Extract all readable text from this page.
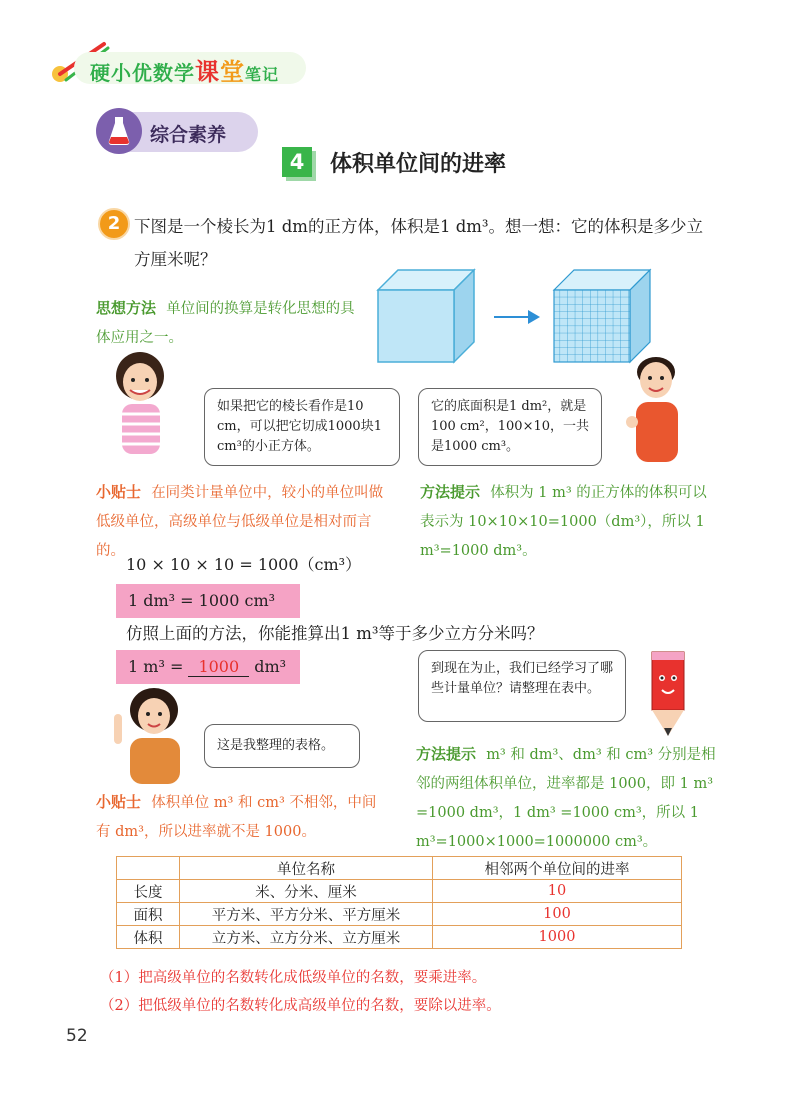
硬小优数学课堂笔记
综合素养
4	体积单位间的进率
2 下图是一个棱长为1 dm的正方体，体积是1 dm³。想一想：它的体积是多少立方厘米呢？
思想方法 单位间的换算是转化思想的具体应用之一。
如果把它的棱长看作是10 cm，可以把它切成1000块1 cm³的小正方体。
它的底面积是1 dm²，就是100 cm²，100×10，一共是1000 cm³。
小贴士 在同类计量单位中，较小的单位叫做低级单位，高级单位与低级单位是相对而言的。
方法提示 体积为 1 m³ 的正方体的体积可以表示为 10×10×10=1000（dm³），所以 1 m³=1000 dm³。
10 × 10 × 10 = 1000（cm³）
1 dm³ = 1000 cm³
仿照上面的方法，你能推算出1 m³等于多少立方分米吗？
1 m³ = 1000 dm³	到现在为止，我们已经学习了哪些计量单位？请整理在表中。
这是我整理的表格。
小贴士 体积单位 m³ 和 cm³ 不相邻，中间有 dm³，所以进率就不是 1000。
方法提示 m³ 和 dm³、dm³ 和 cm³ 分别是相邻的两组体积单位，进率都是 1000，即 1 m³ =1000 dm³，1 dm³ =1000 cm³，所以 1 m³=1000×1000=1000000 cm³。
	单位名称	相邻两个单位间的进率
长度	米、分米、厘米	10
面积	平方米、平方分米、平方厘米	100
体积	立方米、立方分米、立方厘米	1000
（1）把高级单位的名数转化成低级单位的名数，要乘进率。
（2）把低级单位的名数转化成高级单位的名数，要除以进率。
52
